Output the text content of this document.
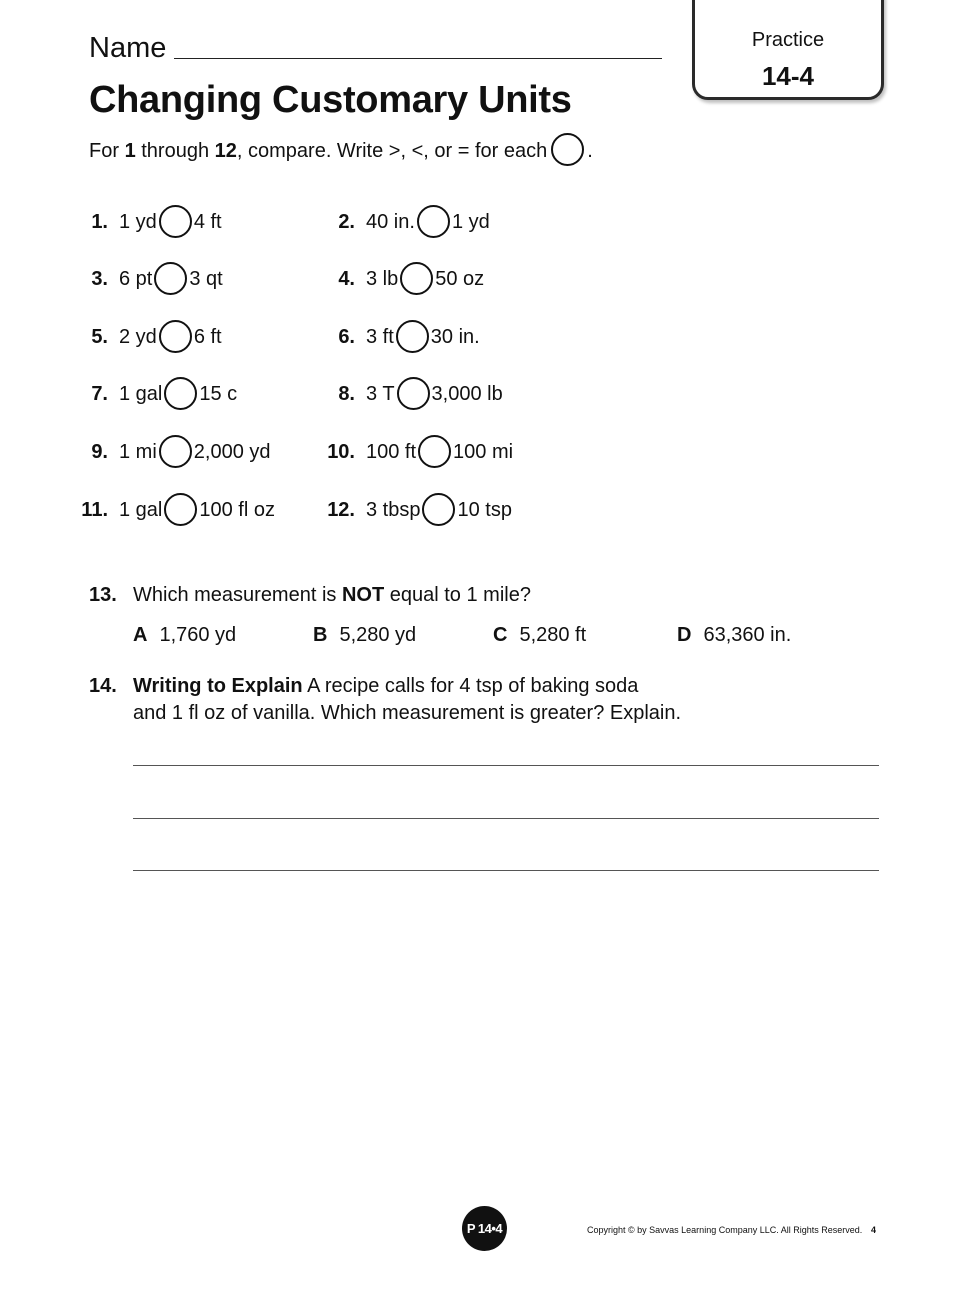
Name
Changing Customary Units
Practice
14-4
For 1 through 12, compare. Write >, <, or = for each .
1. 1 yd 4 ft	2. 40 in. 1 yd
3. 6 pt 3 qt	4. 3 lb 50 oz
5. 2 yd 6 ft	6. 3 ft 30 in.
7. 1 gal 15 c	8. 3 T 3,000 lb
9. 1 mi 2,000 yd	10. 100 ft 100 mi
11. 1 gal 100 fl oz	12. 3 tbsp 10 tsp
13. Which measurement is NOT equal to 1 mile?
A 1,760 yd	B 5,280 yd	C 5,280 ft	D 63,360 in.
14. Writing to Explain A recipe calls for 4 tsp of baking soda
and 1 fl oz of vanilla. Which measurement is greater? Explain.
P 14•4	Copyright © by Savvas Learning Company LLC. All Rights Reserved. 4
